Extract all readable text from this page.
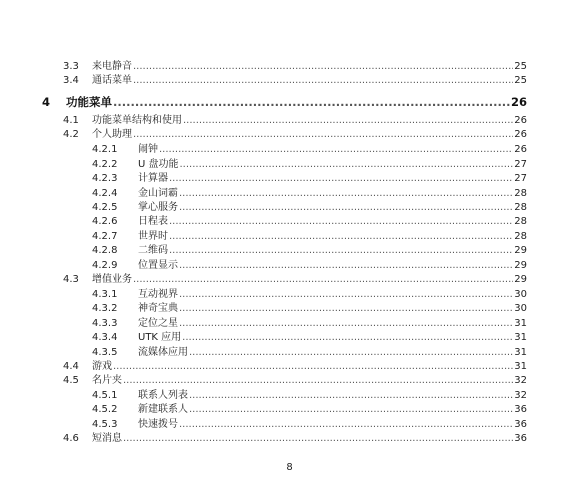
3.3	来电静音 .....	25
3.4	通话菜单 .....	25
4	功能菜单 .....	26
4.1	功能菜单结构和使用 .....	26
4.2	个人助理 .....	26
4.2.1	闹钟 .....	26
4.2.2	U 盘功能 .....	27
4.2.3	计算器 .....	27
4.2.4	金山词霸 .....	28
4.2.5	掌心服务 .....	28
4.2.6	日程表 .....	28
4.2.7	世界时 .....	28
4.2.8	二维码 .....	29
4.2.9	位置显示 .....	29
4.3	增值业务 .....	29
4.3.1	互动视界 .....	30
4.3.2	神奇宝典 .....	30
4.3.3	定位之星 .....	31
4.3.4	UTK 应用 .....	31
4.3.5	流媒体应用 .....	31
4.4	游戏 .....	31
4.5	名片夹 .....	32
4.5.1	联系人列表 .....	32
4.5.2	新建联系人 .....	36
4.5.3	快速拨号 .....	36
4.6	短消息 .....	36
8
